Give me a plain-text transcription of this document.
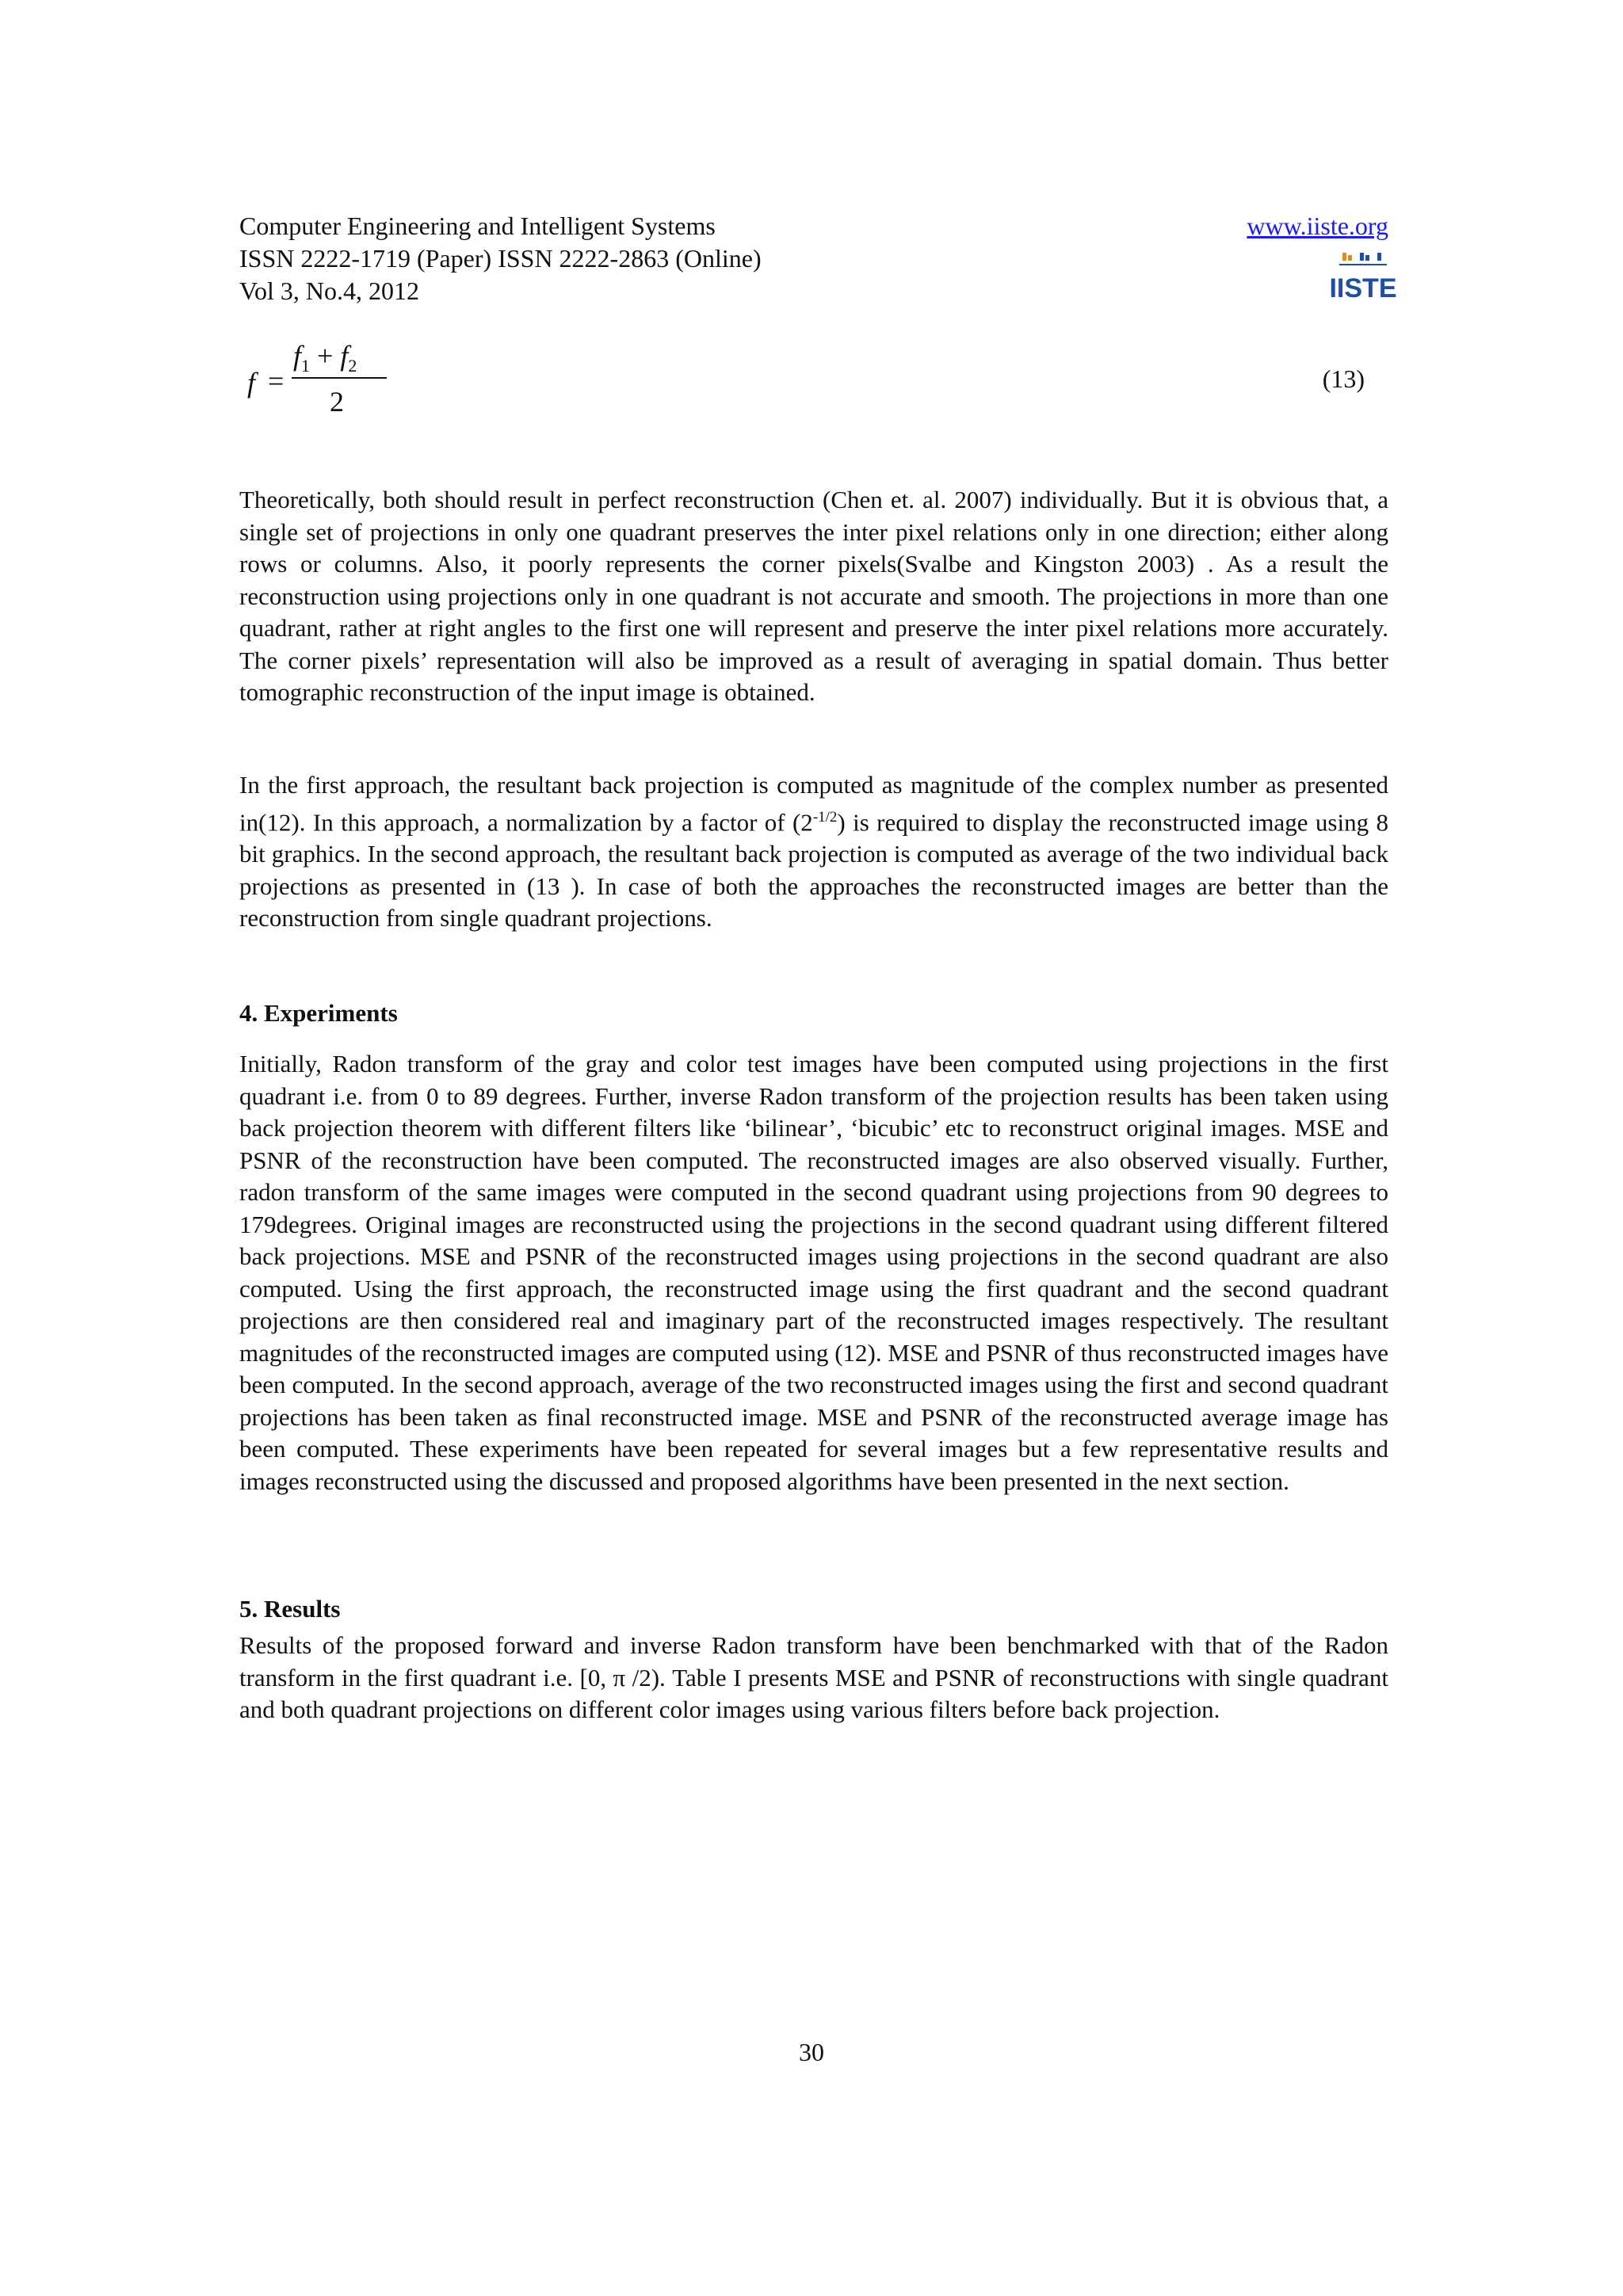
Computer Engineering and Intelligent Systems	www.iiste.org
ISSN 2222-1719 (Paper) ISSN 2222-2863 (Online)
Vol 3, No.4, 2012	IISTE
f =
$f_1 + f_2$
2
(13)

Theoretically, both should result in perfect reconstruction (Chen et. al. 2007) individually. But it is obvious that, a single set of projections in only one quadrant preserves the inter pixel relations only in one direction; either along rows or columns. Also, it poorly represents the corner pixels(Svalbe and Kingston 2003) . As a result the reconstruction using projections only in one quadrant is not accurate and smooth. The projections in more than one quadrant, rather at right angles to the first one will represent and preserve the inter pixel relations more accurately. The corner pixels’ representation will also be improved as a result of averaging in spatial domain. Thus better tomographic reconstruction of the input image is obtained.

In the first approach, the resultant back projection is computed as magnitude of the complex number as presented in(12). In this approach, a normalization by a factor of $(2^{-1/2})$ is required to display the reconstructed image using 8 bit graphics. In the second approach, the resultant back projection is computed as average of the two individual back projections as presented in (13 ). In case of both the approaches the reconstructed images are better than the reconstruction from single quadrant projections.

4. Experiments

Initially, Radon transform of the gray and color test images have been computed using projections in the first quadrant i.e. from 0 to 89 degrees. Further, inverse Radon transform of the projection results has been taken using back projection theorem with different filters like ‘bilinear’, ‘bicubic’ etc to reconstruct original images. MSE and PSNR of the reconstruction have been computed. The reconstructed images are also observed visually. Further, radon transform of the same images were computed in the second quadrant using projections from 90 degrees to 179degrees. Original images are reconstructed using the projections in the second quadrant using different filtered back projections. MSE and PSNR of the reconstructed images using projections in the second quadrant are also computed. Using the first approach, the reconstructed image using the first quadrant and the second quadrant projections are then considered real and imaginary part of the reconstructed images respectively. The resultant magnitudes of the reconstructed images are computed using (12). MSE and PSNR of thus reconstructed images have been computed. In the second approach, average of the two reconstructed images using the first and second quadrant projections has been taken as final reconstructed image. MSE and PSNR of the reconstructed average image has been computed. These experiments have been repeated for several images but a few representative results and images reconstructed using the discussed and proposed algorithms have been presented in the next section.

5. Results

Results of the proposed forward and inverse Radon transform have been benchmarked with that of the Radon transform in the first quadrant i.e. [0, π /2). Table I presents MSE and PSNR of reconstructions with single quadrant and both quadrant projections on different color images using various filters before back projection.

30
